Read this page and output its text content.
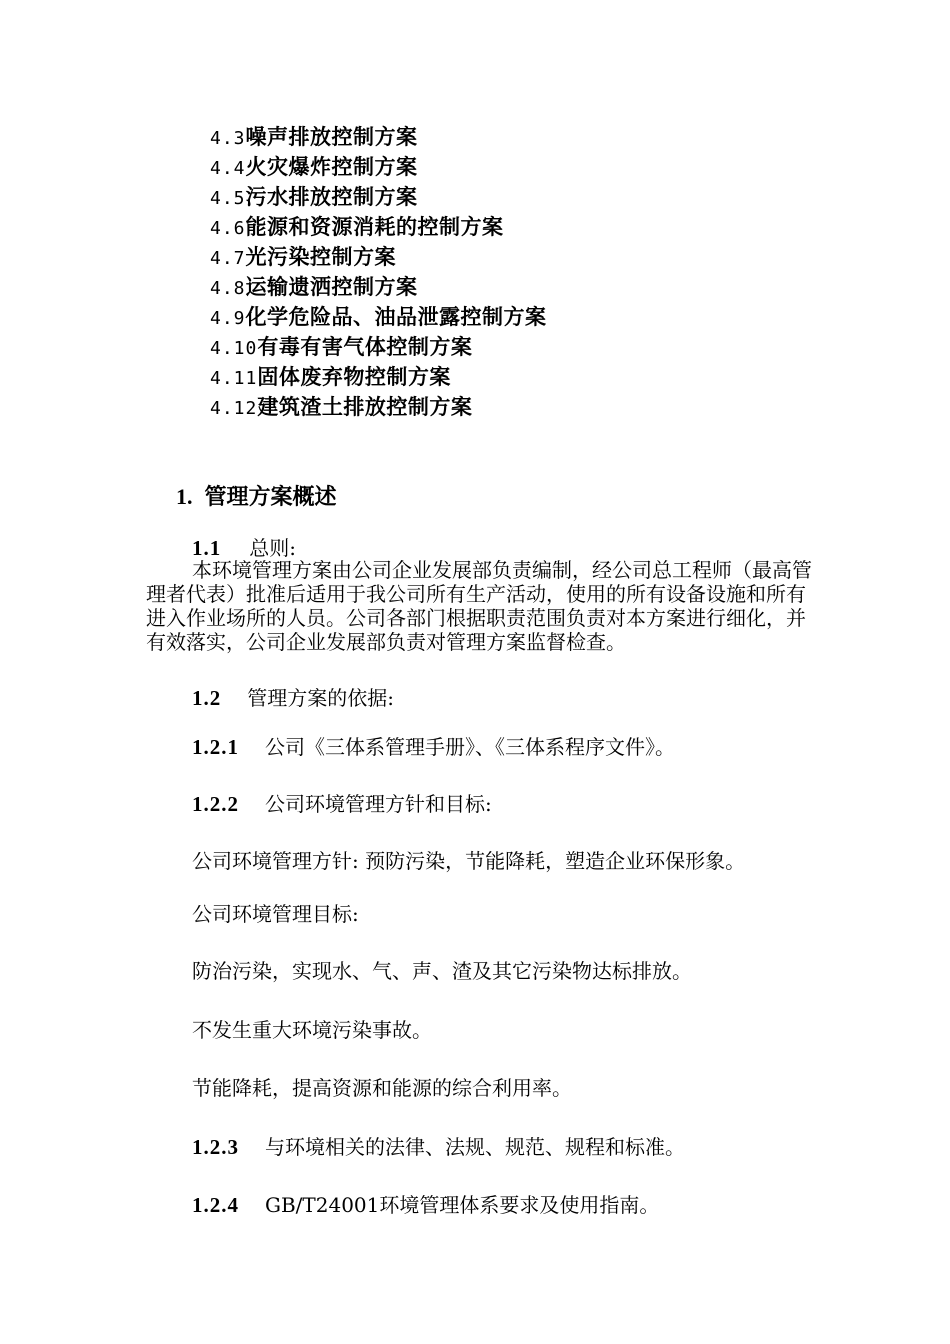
4.3噪声排放控制方案
4.4火灾爆炸控制方案
4.5污水排放控制方案
4.6能源和资源消耗的控制方案
4.7光污染控制方案
4.8运输遗洒控制方案
4.9化学危险品、油品泄露控制方案
4.10有毒有害气体控制方案
4.11固体废弃物控制方案
4.12建筑渣土排放控制方案
1. 管理方案概述
1.1 总则:
本环境管理方案由公司企业发展部负责编制，经公司总工程师（最高管理者代表）批准后适用于我公司所有生产活动，使用的所有设备设施和所有进入作业场所的人员。公司各部门根据职责范围负责对本方案进行细化，并有效落实，公司企业发展部负责对管理方案监督检查。
1.2 管理方案的依据:
1.2.1 公司《三体系管理手册》、《三体系程序文件》。
1.2.2 公司环境管理方针和目标:
公司环境管理方针: 预防污染，节能降耗，塑造企业环保形象。
公司环境管理目标:
防治污染，实现水、气、声、渣及其它污染物达标排放。
不发生重大环境污染事故。
节能降耗，提高资源和能源的综合利用率。
1.2.3 与环境相关的法律、法规、规范、规程和标准。
1.2.4 GB/T24001环境管理体系要求及使用指南。
